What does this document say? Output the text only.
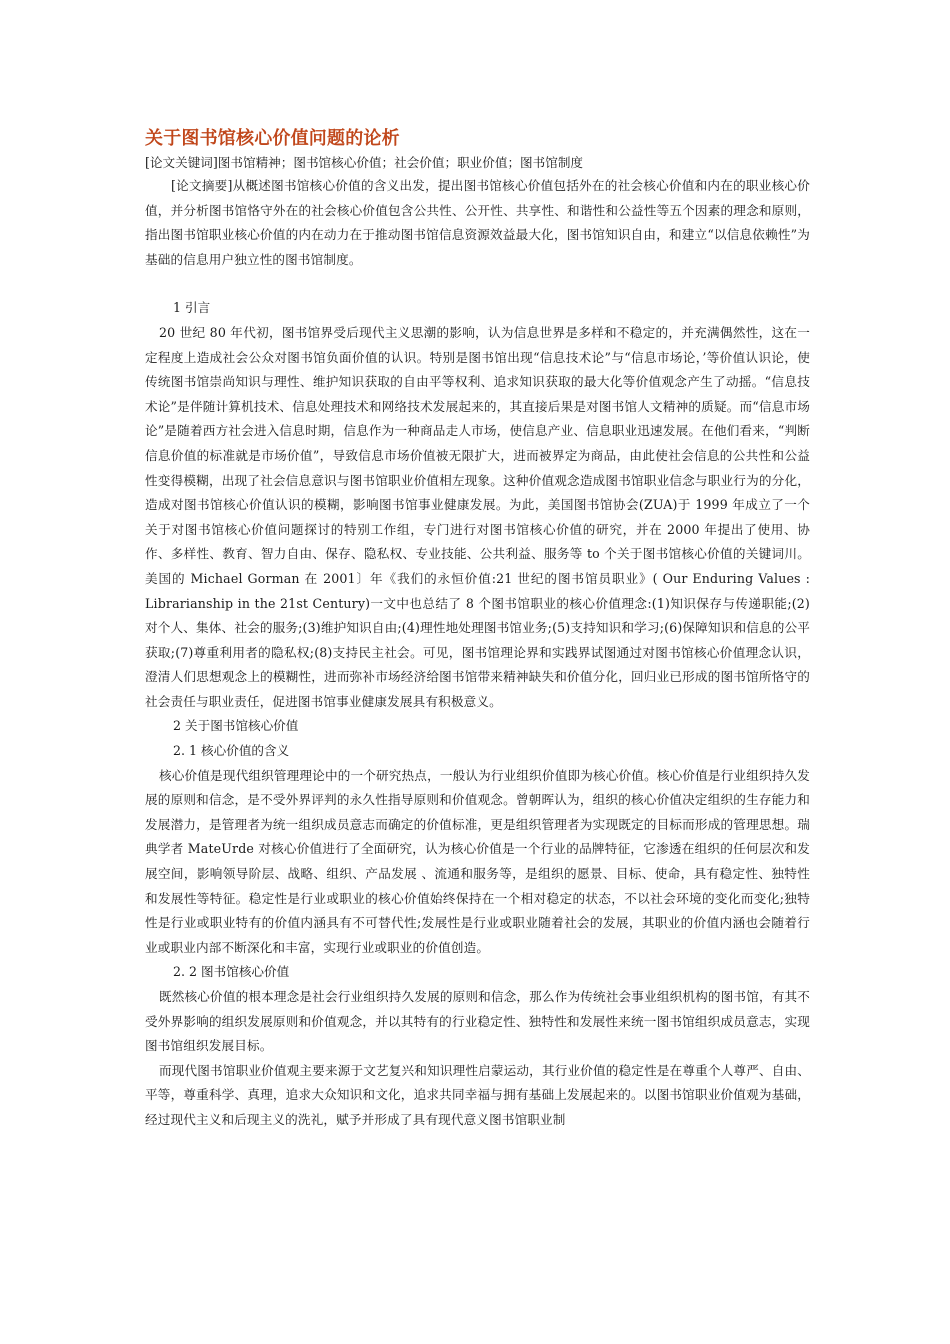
关于图书馆核心价值问题的论析
[论文关键词]图书馆精神；图书馆核心价值；社会价值；职业价值；图书馆制度

[论文摘要]从概述图书馆核心价值的含义出发，提出图书馆核心价值包括外在的社会核心价值和内在的职业核心价值，并分析图书馆恪守外在的社会核心价值包含公共性、公开性、共享性、和谐性和公益性等五个因素的理念和原则，指出图书馆职业核心价值的内在动力在于推动图书馆信息资源效益最大化，图书馆知识自由，和建立“以信息依赖性”为基础的信息用户独立性的图书馆制度。

1 引言

20 世纪 80 年代初，图书馆界受后现代主义思潮的影响，认为信息世界是多样和不稳定的，并充满偶然性，这在一定程度上造成社会公众对图书馆负面价值的认识。特别是图书馆出现“信息技术论”与“信息市场论，’等价值认识论，使传统图书馆崇尚知识与理性、维护知识获取的自由平等权利、追求知识获取的最大化等价值观念产生了动摇。“信息技术论”是伴随计算机技术、信息处理技术和网络技术发展起来的，其直接后果是对图书馆人文精神的质疑。而“信息市场论”是随着西方社会进入信息时期，信息作为一种商品走人市场，使信息产业、信息职业迅速发展。在他们看来，“判断信息价值的标准就是市场价值”，导致信息市场价值被无限扩大，进而被界定为商品，由此使社会信息的公共性和公益性变得模糊，出现了社会信息意识与图书馆职业价值相左现象。这种价值观念造成图书馆职业信念与职业行为的分化，造成对图书馆核心价值认识的模糊，影响图书馆事业健康发展。为此，美国图书馆协会(ZUA)于 1999 年成立了一个关于对图书馆核心价值问题探讨的特别工作组，专门进行对图书馆核心价值的研究，并在 2000 年提出了使用、协作、多样性、教育、智力自由、保存、隐私权、专业技能、公共利益、服务等 to 个关于图书馆核心价值的关键词川。美国的 Michael Gorman 在 2001〕年《我们的永恒价值:21 世纪的图书馆员职业》( Our Enduring Values : Librarianship in the 21st Century)一文中也总结了 8 个图书馆职业的核心价值理念:(1)知识保存与传递职能;(2)对个人、集体、社会的服务;(3)维护知识自由;(4)理性地处理图书馆业务;(5)支持知识和学习;(6)保障知识和信息的公平获取;(7)尊重利用者的隐私权;(8)支持民主社会。可见，图书馆理论界和实践界试图通过对图书馆核心价值理念认识，澄清人们思想观念上的模糊性，进而弥补市场经济给图书馆带来精神缺失和价值分化，回归业已形成的图书馆所恪守的社会责任与职业责任，促进图书馆事业健康发展具有积极意义。

2 关于图书馆核心价值
2. 1 核心价值的含义

核心价值是现代组织管理理论中的一个研究热点，一般认为行业组织价值即为核心价值。核心价值是行业组织持久发展的原则和信念，是不受外界评判的永久性指导原则和价值观念。曾朝晖认为，组织的核心价值决定组织的生存能力和发展潜力，是管理者为统一组织成员意志而确定的价值标准，更是组织管理者为实现既定的目标而形成的管理思想。瑞典学者 MateUrde 对核心价值进行了全面研究，认为核心价值是一个行业的品牌特征，它渗透在组织的任何层次和发展空间，影响领导阶层、战略、组织、产品发展 、流通和服务等，是组织的愿景、目标、使命，具有稳定性、独特性和发展性等特征。稳定性是行业或职业的核心价值始终保持在一个相对稳定的状态，不以社会环境的变化而变化;独特性是行业或职业特有的价值内涵具有不可替代性;发展性是行业或职业随着社会的发展，其职业的价值内涵也会随着行业或职业内部不断深化和丰富，实现行业或职业的价值创造。

2. 2 图书馆核心价值

既然核心价值的根本理念是社会行业组织持久发展的原则和信念，那么作为传统社会事业组织机构的图书馆，有其不受外界影响的组织发展原则和价值观念，并以其特有的行业稳定性、独特性和发展性来统一图书馆组织成员意志，实现图书馆组织发展目标。

而现代图书馆职业价值观主要来源于文艺复兴和知识理性启蒙运动，其行业价值的稳定性是在尊重个人尊严、自由、平等，尊重科学、真理，追求大众知识和文化，追求共同幸福与拥有基础上发展起来的。以图书馆职业价值观为基础，经过现代主义和后现主义的洗礼，赋予并形成了具有现代意义图书馆职业制
